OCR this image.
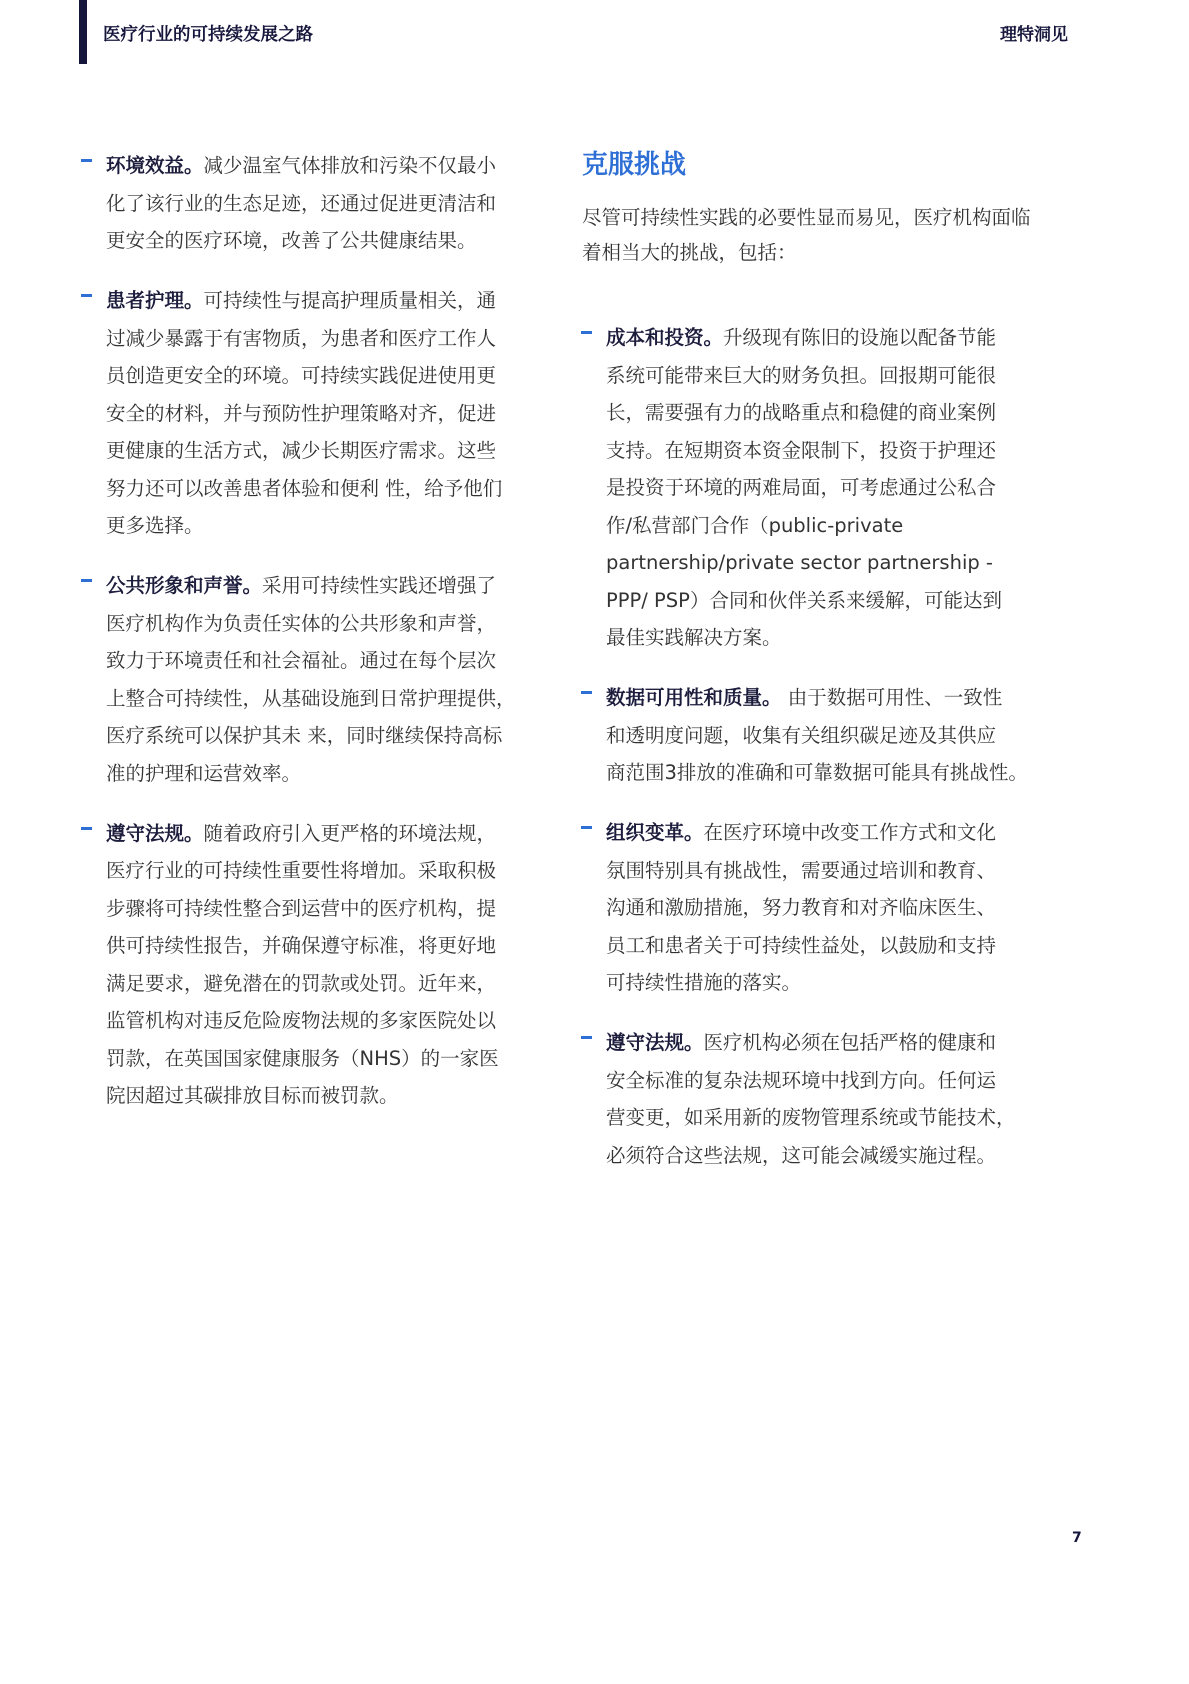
医疗行业的可持续发展之路	理特洞见
环境效益。减少温室气体排放和污染不仅最小
化了该行业的生态足迹，还通过促进更清洁和
更安全的医疗环境，改善了公共健康结果。
患者护理。可持续性与提高护理质量相关，通
过减少暴露于有害物质，为患者和医疗工作人
员创造更安全的环境。可持续实践促进使用更
安全的材料，并与预防性护理策略对齐，促进
更健康的生活方式，减少长期医疗需求。这些
努力还可以改善患者体验和便利 性，给予他们
更多选择。
公共形象和声誉。采用可持续性实践还增强了
医疗机构作为负责任实体的公共形象和声誉，
致力于环境责任和社会福祉。通过在每个层次
上整合可持续性，从基础设施到日常护理提供，
医疗系统可以保护其未 来，同时继续保持高标
准的护理和运营效率。
遵守法规。随着政府引入更严格的环境法规，
医疗行业的可持续性重要性将增加。采取积极
步骤将可持续性整合到运营中的医疗机构，提
供可持续性报告，并确保遵守标准，将更好地
满足要求，避免潜在的罚款或处罚。近年来，
监管机构对违反危险废物法规的多家医院处以
罚款，在英国国家健康服务（NHS）的一家医
院因超过其碳排放目标而被罚款。
克服挑战
尽管可持续性实践的必要性显而易见，医疗机构面临
着相当大的挑战，包括：
成本和投资。升级现有陈旧的设施以配备节能
系统可能带来巨大的财务负担。回报期可能很
长，需要强有力的战略重点和稳健的商业案例
支持。在短期资本资金限制下，投资于护理还
是投资于环境的两难局面，可考虑通过公私合
作/私营部门合作（public-private
partnership/private sector partnership -
PPP/ PSP）合同和伙伴关系来缓解，可能达到
最佳实践解决方案。
数据可用性和质量。 由于数据可用性、一致性
和透明度问题，收集有关组织碳足迹及其供应
商范围3排放的准确和可靠数据可能具有挑战性。
组织变革。在医疗环境中改变工作方式和文化
氛围特别具有挑战性，需要通过培训和教育、
沟通和激励措施，努力教育和对齐临床医生、
员工和患者关于可持续性益处，以鼓励和支持
可持续性措施的落实。
遵守法规。医疗机构必须在包括严格的健康和
安全标准的复杂法规环境中找到方向。任何运
营变更，如采用新的废物管理系统或节能技术，
必须符合这些法规，这可能会减缓实施过程。
7
